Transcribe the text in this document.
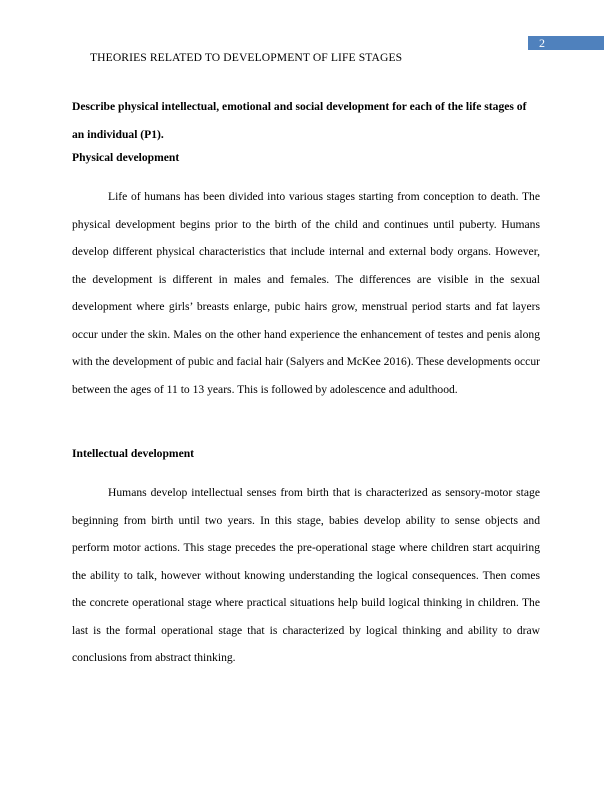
2
THEORIES RELATED TO DEVELOPMENT OF LIFE STAGES

Describe physical intellectual, emotional and social development for each of the life stages of an individual (P1).

Physical development

Life of humans has been divided into various stages starting from conception to death. The physical development begins prior to the birth of the child and continues until puberty. Humans develop different physical characteristics that include internal and external body organs. However, the development is different in males and females. The differences are visible in the sexual development where girls’ breasts enlarge, pubic hairs grow, menstrual period starts and fat layers occur under the skin. Males on the other hand experience the enhancement of testes and penis along with the development of pubic and facial hair (Salyers and McKee 2016). These developments occur between the ages of 11 to 13 years. This is followed by adolescence and adulthood.

Intellectual development

Humans develop intellectual senses from birth that is characterized as sensory-motor stage beginning from birth until two years. In this stage, babies develop ability to sense objects and perform motor actions. This stage precedes the pre-operational stage where children start acquiring the ability to talk, however without knowing understanding the logical consequences. Then comes the concrete operational stage where practical situations help build logical thinking in children. The last is the formal operational stage that is characterized by logical thinking and ability to draw conclusions from abstract thinking.
